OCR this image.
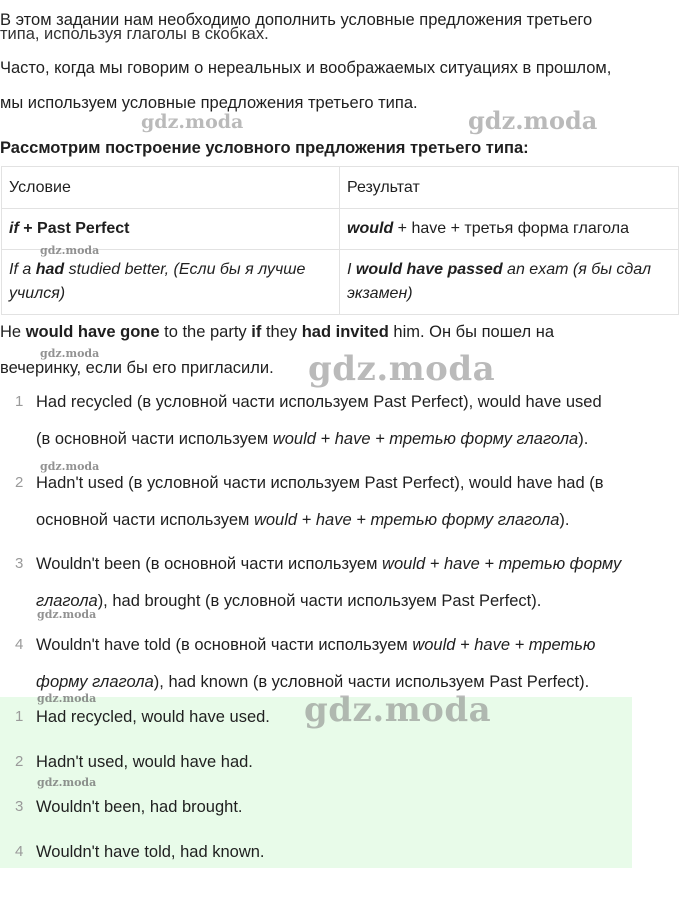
В этом задании нам необходимо дополнить условные предложения третьего

типа, используя глаголы в скобках.

Часто, когда мы говорим о нереальных и воображаемых ситуациях в прошлом,

мы используем условные предложения третьего типа.

Рассмотрим построение условного предложения третьего типа:

Условие	Результат
if + Past Perfect	would + have + третья форма глагола
If a had studied better, (Если бы я лучше
учился)	I would have passed an exam (я бы сдал
экзамен)

He would have gone to the party if they had invited him. Он бы пошел на

вечеринку, если бы его пригласили.

1 Had recycled (в условной части используем Past Perfect), would have used
(в основной части используем would + have + третью форму глагола).
2 Hadn't used (в условной части используем Past Perfect), would have had (в
основной части используем would + have + третью форму глагола).
3 Wouldn't been (в основной части используем would + have + третью форму
глагола), had brought (в условной части используем Past Perfect).
4 Wouldn't have told (в основной части используем would + have + третью
форму глагола), had known (в условной части используем Past Perfect).
1 Had recycled, would have used.
2 Hadn't used, would have had.
3 Wouldn't been, had brought.
4 Wouldn't have told, had known.
gdz.moda	gdz.moda
gdz.moda
gdz.moda	gdz.moda
gdz.moda
gdz.moda
gdz.moda	gdz.moda
gdz.moda
